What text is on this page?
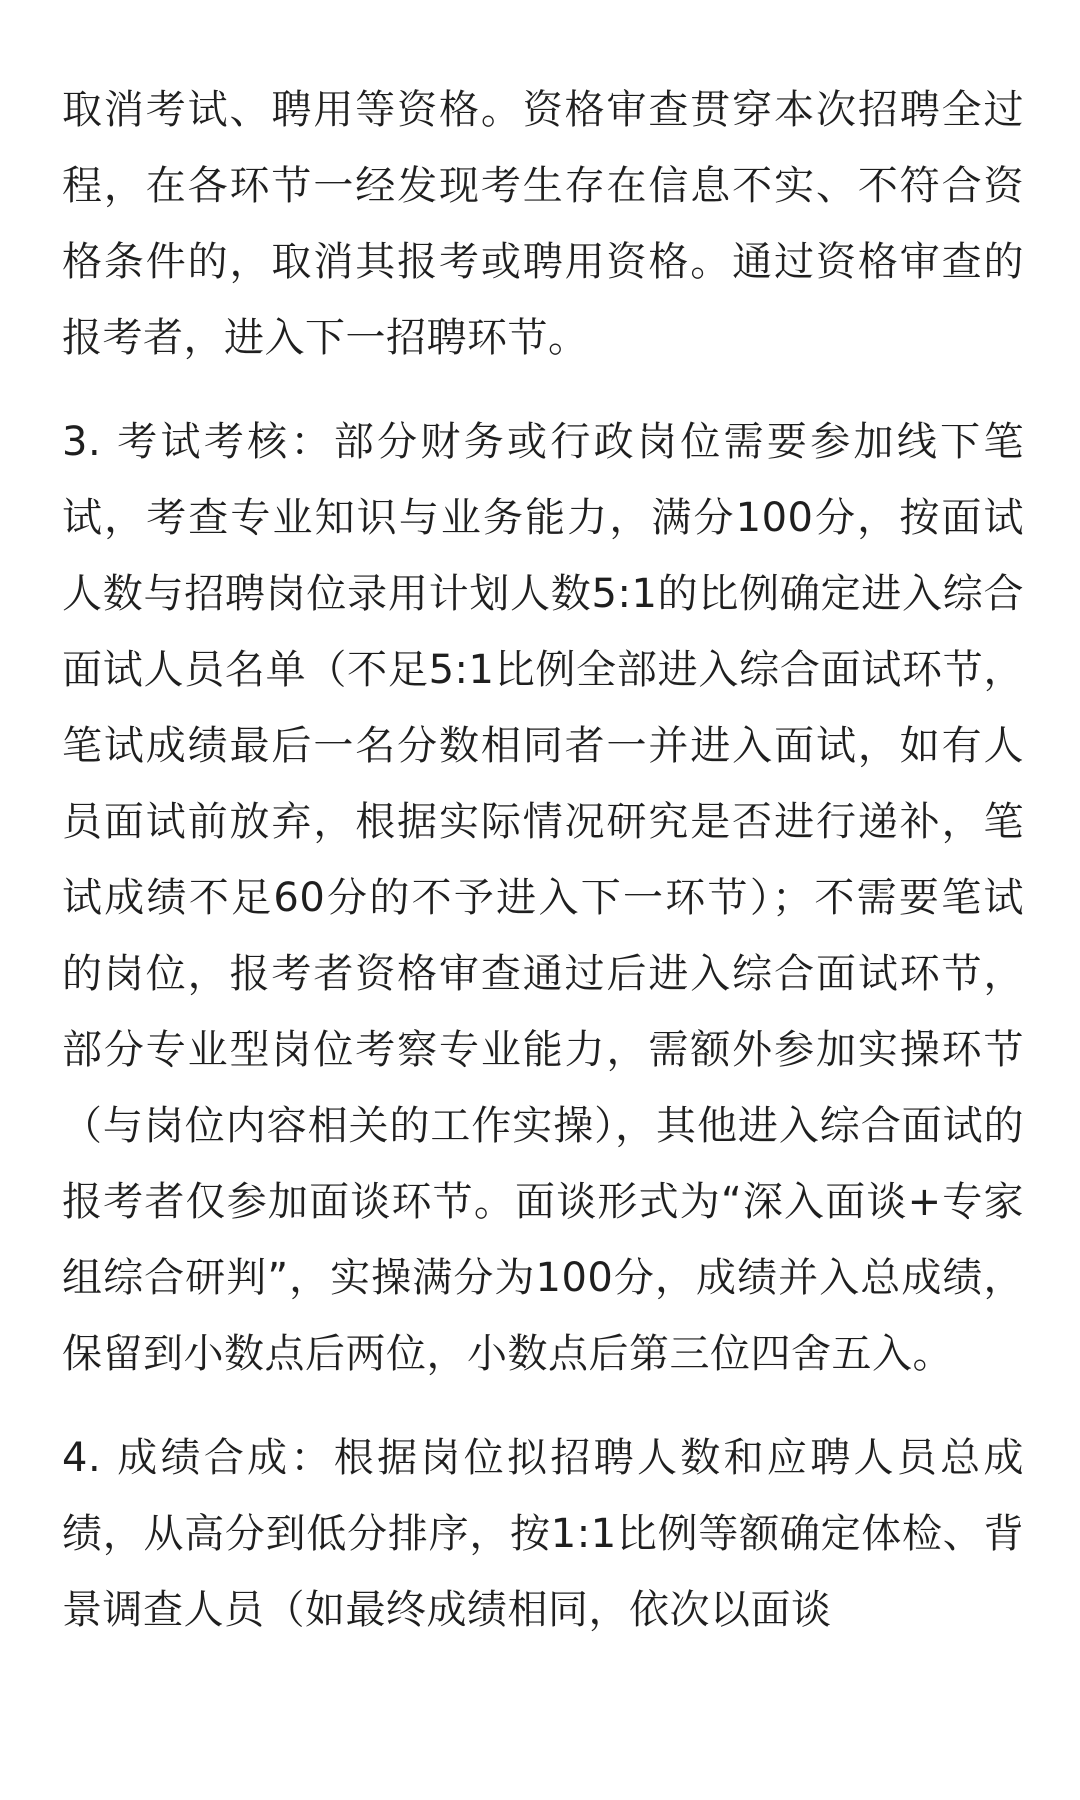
取消考试、聘用等资格。资格审查贯穿本次招聘全过程，在各环节一经发现考生存在信息不实、不符合资格条件的，取消其报考或聘用资格。通过资格审查的报考者，进入下一招聘环节。

3. 考试考核：部分财务或行政岗位需要参加线下笔试，考查专业知识与业务能力，满分100分，按面试人数与招聘岗位录用计划人数5:1的比例确定进入综合面试人员名单（不足5:1比例全部进入综合面试环节，笔试成绩最后一名分数相同者一并进入面试，如有人员面试前放弃，根据实际情况研究是否进行递补，笔试成绩不足60分的不予进入下一环节）；不需要笔试的岗位，报考者资格审查通过后进入综合面试环节，部分专业型岗位考察专业能力，需额外参加实操环节（与岗位内容相关的工作实操），其他进入综合面试的报考者仅参加面谈环节。面谈形式为“深入面谈+专家组综合研判”，实操满分为100分，成绩并入总成绩，保留到小数点后两位，小数点后第三位四舍五入。

4. 成绩合成：根据岗位拟招聘人数和应聘人员总成绩，从高分到低分排序，按1:1比例等额确定体检、背景调查人员（如最终成绩相同，依次以面谈
